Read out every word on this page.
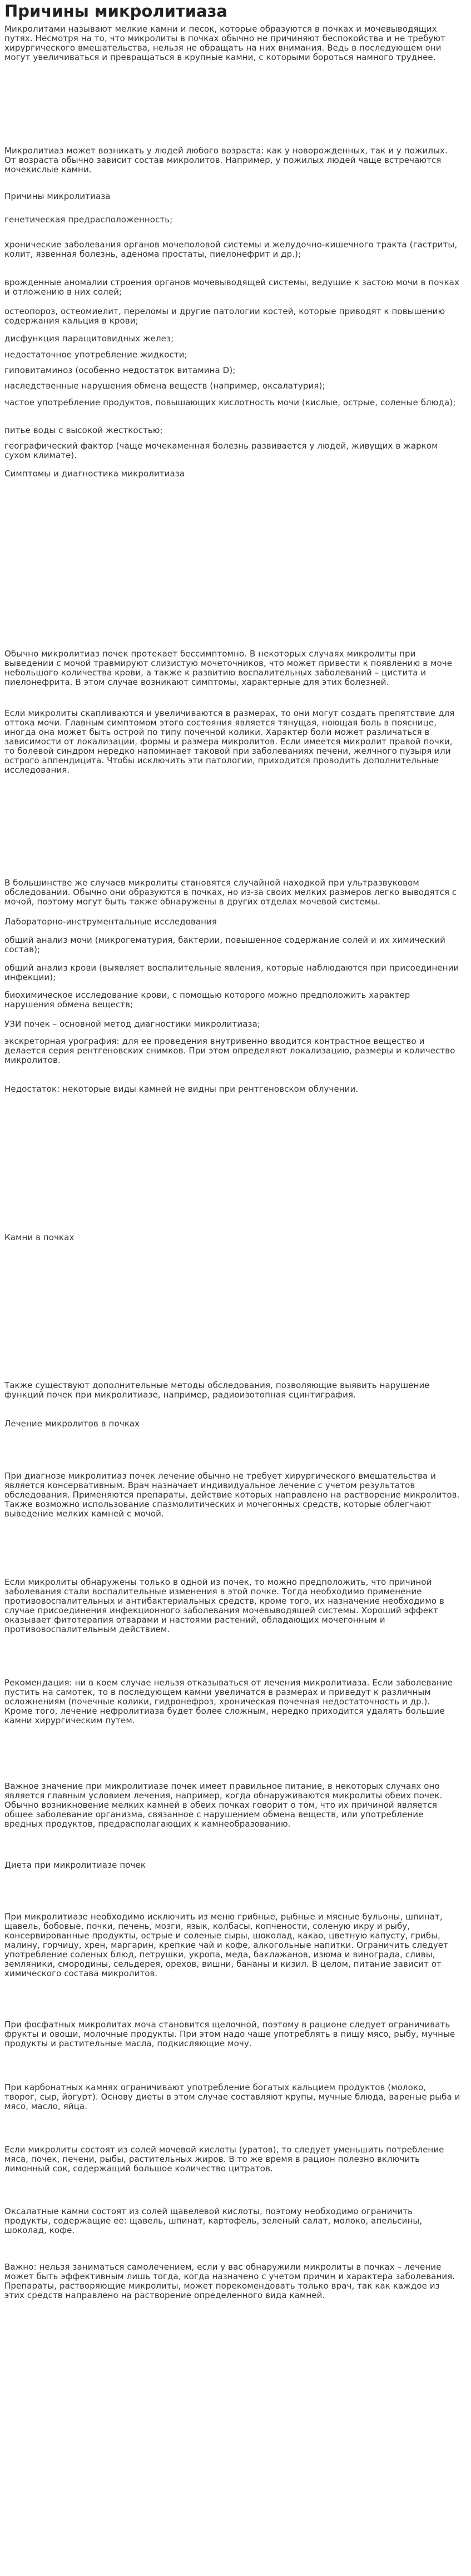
Причины микролитиаза

Микролитами называют мелкие камни и песок, которые образуются в почках и мочевыводящих путях. Несмотря на то, что микролиты в почках обычно не причиняют беспокойства и не требуют хирургического вмешательства, нельзя не обращать на них внимания. Ведь в последующем они могут увеличиваться и превращаться в крупные камни, с которыми бороться намного труднее.

Микролитиаз может возникать у людей любого возраста: как у новорожденных, так и у пожилых. От возраста обычно зависит состав микролитов. Например, у пожилых людей чаще встречаются мочекислые камни.

Причины микролитиаза

генетическая предрасположенность;

хронические заболевания органов мочеполовой системы и желудочно-кишечного тракта (гастриты, колит, язвенная болезнь, аденома простаты, пиелонефрит и др.);

врожденные аномалии строения органов мочевыводящей системы, ведущие к застою мочи в почках и отложению в них солей;

остеопороз, остеомиелит, переломы и другие патологии костей, которые приводят к повышению содержания кальция в крови;

дисфункция паращитовидных желез;

недостаточное употребление жидкости;

гиповитаминоз (особенно недостаток витамина D);

наследственные нарушения обмена веществ (например, оксалатурия);

частое употребление продуктов, повышающих кислотность мочи (кислые, острые, соленые блюда);

питье воды с высокой жесткостью;

географический фактор (чаще мочекаменная болезнь развивается у людей, живущих в жарком сухом климате).

Симптомы и диагностика микролитиаза

Обычно микролитиаз почек протекает бессимптомно. В некоторых случаях микролиты при выведении с мочой травмируют слизистую мочеточников, что может привести к появлению в моче небольшого количества крови, а также к развитию воспалительных заболеваний – цистита и пиелонефрита. В этом случае возникают симптомы, характерные для этих болезней.

Если микролиты скапливаются и увеличиваются в размерах, то они могут создать препятствие для оттока мочи. Главным симптомом этого состояния является тянущая, ноющая боль в пояснице, иногда она может быть острой по типу почечной колики. Характер боли может различаться в зависимости от локализации, формы и размера микролитов. Если имеется микролит правой почки, то болевой синдром нередко напоминает таковой при заболеваниях печени, желчного пузыря или острого аппендицита. Чтобы исключить эти патологии, приходится проводить дополнительные исследования.

В большинстве же случаев микролиты становятся случайной находкой при ультразвуковом обследовании. Обычно они образуются в почках, но из-за своих мелких размеров легко выводятся с мочой, поэтому могут быть также обнаружены в других отделах мочевой системы.

Лабораторно-инструментальные исследования

общий анализ мочи (микрогематурия, бактерии, повышенное содержание солей и их химический состав);

общий анализ крови (выявляет воспалительные явления, которые наблюдаются при присоединении инфекции);

биохимическое исследование крови, с помощью которого можно предположить характер нарушения обмена веществ;

УЗИ почек – основной метод диагностики микролитиаза;

экскреторная урография: для ее проведения внутривенно вводится контрастное вещество и делается серия рентгеновских снимков. При этом определяют локализацию, размеры и количество микролитов.

Недостаток: некоторые виды камней не видны при рентгеновском облучении.

Камни в почках

Также существуют дополнительные методы обследования, позволяющие выявить нарушение функций почек при микролитиазе, например, радиоизотопная сцинтиграфия.

Лечение микролитов в почках

При диагнозе микролитиаз почек лечение обычно не требует хирургического вмешательства и является консервативным. Врач назначает индивидуальное лечение с учетом результатов обследования. Применяются препараты, действие которых направлено на растворение микролитов. Также возможно использование спазмолитических и мочегонных средств, которые облегчают выведение мелких камней с мочой.

Если микролиты обнаружены только в одной из почек, то можно предположить, что причиной заболевания стали воспалительные изменения в этой почке. Тогда необходимо применение противовоспалительных и антибактериальных средств, кроме того, их назначение необходимо в случае присоединения инфекционного заболевания мочевыводящей системы. Хороший эффект оказывает фитотерапия отварами и настоями растений, обладающих мочегонным и противовоспалительным действием.

Рекомендация: ни в коем случае нельзя отказываться от лечения микролитиаза. Если заболевание пустить на самотек, то в последующем камни увеличатся в размерах и приведут к различным осложнениям (почечные колики, гидронефроз, хроническая почечная недостаточность и др.). Кроме того, лечение нефролитиаза будет более сложным, нередко приходится удалять большие камни хирургическим путем.

Важное значение при микролитиазе почек имеет правильное питание, в некоторых случаях оно является главным условием лечения, например, когда обнаруживаются микролиты обеих почек. Обычно возникновение мелких камней в обеих почках говорит о том, что их причиной является общее заболевание организма, связанное с нарушением обмена веществ, или употребление вредных продуктов, предрасполагающих к камнеобразованию.

Диета при микролитиазе почек

При микролитиазе необходимо исключить из меню грибные, рыбные и мясные бульоны, шпинат, щавель, бобовые, почки, печень, мозги, язык, колбасы, копчености, соленую икру и рыбу, консервированные продукты, острые и соленые сыры, шоколад, какао, цветную капусту, грибы, малину, горчицу, хрен, маргарин, крепкие чай и кофе, алкогольные напитки. Ограничить следует употребление соленых блюд, петрушки, укропа, меда, баклажанов, изюма и винограда, сливы, земляники, смородины, сельдерея, орехов, вишни, бананы и кизил. В целом, питание зависит от химического состава микролитов.

При фосфатных микролитах моча становится щелочной, поэтому в рационе следует ограничивать фрукты и овощи, молочные продукты. При этом надо чаще употреблять в пищу мясо, рыбу, мучные продукты и растительные масла, подкисляющие мочу.

При карбонатных камнях ограничивают употребление богатых кальцием продуктов (молоко, творог, сыр, йогурт). Основу диеты в этом случае составляют крупы, мучные блюда, вареные рыба и мясо, масло, яйца.

Если микролиты состоят из солей мочевой кислоты (уратов), то следует уменьшить потребление мяса, почек, печени, рыбы, растительных жиров. В то же время в рацион полезно включить лимонный сок, содержащий большое количество цитратов.

Оксалатные камни состоят из солей щавелевой кислоты, поэтому необходимо ограничить продукты, содержащие ее: щавель, шпинат, картофель, зеленый салат, молоко, апельсины, шоколад, кофе.

Важно: нельзя заниматься самолечением, если у вас обнаружили микролиты в почках – лечение может быть эффективным лишь тогда, когда назначено с учетом причин и характера заболевания. Препараты, растворяющие микролиты, может порекомендовать только врач, так как каждое из этих средств направлено на растворение определенного вида камней.
